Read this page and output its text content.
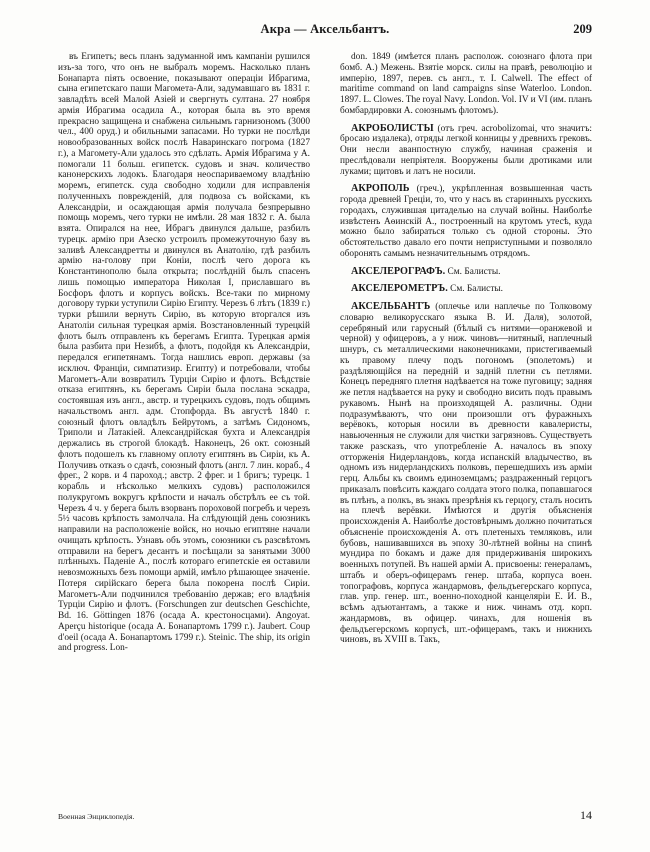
Акра — Аксельбантъ.	209

въ Египетъ; весь планъ задуманной имъ кампанiи рушился изъ-за того, что онъ не выбралъ моремъ. Насколько планъ Бонапарта пiять освоение, показывают операцiи Ибрагима, сына египетскаго паши Магомета-Али, задумавшаго въ 1831 г. завладѣть всей Малой Азiей и свергнуть султана. 27 ноября армiя Ибрагима осадила А., которая была въ это время прекрасно защищена и снабжена сильнымъ гарнизономъ (3000 чел., 400 оруд.) и обильными запасами. Но турки не послѣди новообразованных войск послѣ Наваринскаго погрома (1827 г.), а Магомету-Али удалось это сдѣлать. Армiя Ибрагима у А. помогали 11 больш. египетск. судовъ и знач. количество канонерскихъ лодокъ. Благодаря неоспариваемому владѣнiю моремъ, египетск. суда свободно ходили для исправленiя полученныхъ поврежденiй, для подвоза съ войсками, къ Александрiи, и осаждающая армiя получала безпрерывно помощь моремъ, чего турки не имѣли. 28 мая 1832 г. А. была взята. Опирался на нее, Ибрагъ двинулся дальше, разбилъ турецк. армiю при Азеско устроилъ промежуточную базу въ заливѣ Александретты и двинулся въ Анатолiю, гдѣ разбилъ армiю на-голову при Конiи, послѣ чего дорога къ Константинополю была открыта; послѣднiй былъ спасенъ лишь помощью императора Николая I, приславшаго въ Босфоръ флотъ и корпусъ войскъ. Все-таки по мирному договору турки уступили Сирiю Египту. Черезъ 6 лѣтъ (1839 г.) турки рѣшили вернуть Сирiю, въ которую вторгался изъ Анатолiи сильная турецкая армiя. Возстановленный турецкiй флотъ былъ отправленъ къ берегамъ Египта. Турецкая армiя была разбита при Незибѣ, а флотъ, подойдя къ Александрiи, передался египетянамъ. Тогда нашлись европ. державы (за исключ. Францiи, симпатизир. Египту) и потребовали, чтобы Магометъ-Али возвратилъ Турцiи Сирiю и флотъ. Всѣдствiе отказа египтянъ, къ берегамъ Сирiи была послана эскадра, состоявшая изъ англ., австр. и турецкихъ судовъ, подъ общимъ начальствомъ англ. адм. Стопфорда. Въ августѣ 1840 г. союзный флотъ овладѣлъ Бейрутомъ, а затѣмъ Сидономъ, Триполи и Латакiей. Александрiйская бухта и Александрiя держались въ строгой блокадѣ. Наконецъ, 26 окт. союзный флотъ подошелъ къ главному оплоту египтянъ въ Сирiи, къ А. Получивъ отказъ о сдачѣ, союзный флотъ (англ. 7 лин. кораб., 4 фрег., 2 корв. и 4 пароход.; австр. 2 фрег. и 1 бригъ; турецк. 1 корабль и нѣсколько мелкихъ судовъ) расположился полукругомъ вокругъ крѣпости и началъ обстрѣлъ ее съ той. Черезъ 4 ч. у берега былъ взорванъ пороховой погребъ и черезъ 5½ часовъ крѣпость замолчала. На слѣдующiй день союзникъ направили на расположенiе войск, но ночью египтяне начали очищать крѣпость. Узнавъ объ этомъ, союзники съ разсвѣтомъ отправили на берегъ десантъ и посѣщали за занятыми 3000 плѣнныхъ. Паденiе А., послѣ котораго египетскiе ея оставили невозможныхъ безъ помощи армiй, имѣло рѣшающее значенiе. Потеря сирiйскаго берега была покорена послѣ Сирiи. Магометъ-Али подчинился требованiю держав; его владѣнiя Турцiи Сирiю и флотъ. (Forschungen zur deutschen Geschichte, Bd. 16. Göttingen 1876 (осада А. крестоносцами). Angoyat. Aperçu historique (осада А. Бонапартомъ 1799 г.). Jaubert. Coup d'oeil (осада А. Бонапартомъ 1799 г.). Steinic. The ship, its origin and progress. Lon-

don. 1849 (имѣется планъ располож. союзнаго флота при бомб. А.) Межень. Взятiе морск. силы на правѣ, революцiю и имперiю, 1897, перев. съ англ., т. I. Calwell. The effect of maritime command on land campaigns sinse Waterloo. London. 1897. L. Clowes. The royal Navy. London. Vol. IV и VI (им. планъ бомбардировки А. союзнымъ флотомъ).

АКРОБОЛИСТЫ (отъ греч. acrobolizomai, что значитъ: бросаю издалека), отряды легкой конницы у древнихъ грековъ. Они несли аванпостную службу, начиная сраженiя и преслѣдовали непрiятеля. Вооружены были дротиками или луками; щитовъ и латъ не носили.

АКРОПОЛЬ (греч.), укрѣпленная возвышенная часть города древней Грецiи, то, что у насъ въ старинныхъ русскихъ городахъ, служившая цитаделью на случай войны. Наиболѣе извѣстенъ Аѳинскiй А., построенный на крутомъ утесѣ, куда можно было забираться только съ одной стороны. Это обстоятельство давало его почти неприступными и позволяло оборонять самымъ незначительнымъ отрядомъ.

АКСЕЛЕРОГРАФЪ. См. Балисты.

АКСЕЛЕРОМЕТРЪ. См. Балисты.

АКСЕЛЬБАНТЪ (оплечье или наплечье по Толковому словарю великорусскаго языка В. И. Даля), золотой, серебряный или гарусный (бѣлый съ нитями—оранжевой и черной) у офицеровъ, а у ниж. чиновъ—нитяный, наплечный шнуръ, съ металлическими наконечниками, пристегиваемый къ правому плечу подъ погономъ (эполетомъ) и раздѣляющiйся на переднiй и заднiй плетни съ петлями. Конецъ передняго плетня надѣвается на тоже пуговицу; задняя же петля надѣвается на руку и свободно висить подъ правымъ рукавомъ. Нынѣ на произходящей А. различны. Одни подразумѣваютъ, что они произошли отъ фуражныхъ верёвокъ, которыя носили въ древности кавалеристы, навьюченныя не служили для чистки загрязновъ. Существуетъ также разсказъ, что употребленiе А. началось въ эпоху отторженiя Нидерландовъ, когда испанскiй владычество, въ одномъ изъ нидерландскихъ полковъ, перешедшихъ изъ армiи герц. Альбы къ своимъ единоземцамъ; раздраженный герцогъ приказалъ повѣсить каждаго солдата этого полка, попавшагося въ плѣнъ, а полкъ, въ знакъ презрѣнiя къ герцогу, сталъ носить на плечѣ верёвки. Имѣются и другiя объясненiя происхожденiя А. Наиболѣе достовѣрнымъ должно почитаться объясненiе происхожденiя А. отъ плетеныхъ темляковъ, или бубовъ, нашивавшихся въ эпоху 30-лѣтней войны на спинѣ мундира по бокамъ и даже для придерживанiя широкихъ военныхъ потупей. Въ нашей армiи А. присвоены: генераламъ, штабъ и оберъ-офицерамъ генер. штаба, корпуса воен. топографовъ, корпуса жандармовъ, фельдъегерскаго корпуса, глав. упр. генер. шт., военно-походной канцелярiи Е. И. В., всѣмъ адъютантамъ, а также и ниж. чинамъ отд. корп. жандармовъ, въ офицер. чинахъ, для ношенiя въ фельдъегерскомъ корпусѣ, шт.-офицерамъ, такъ и нижнихъ чиновъ, въ XVIII в. Такъ,

Военная Энциклопедiя.	14
